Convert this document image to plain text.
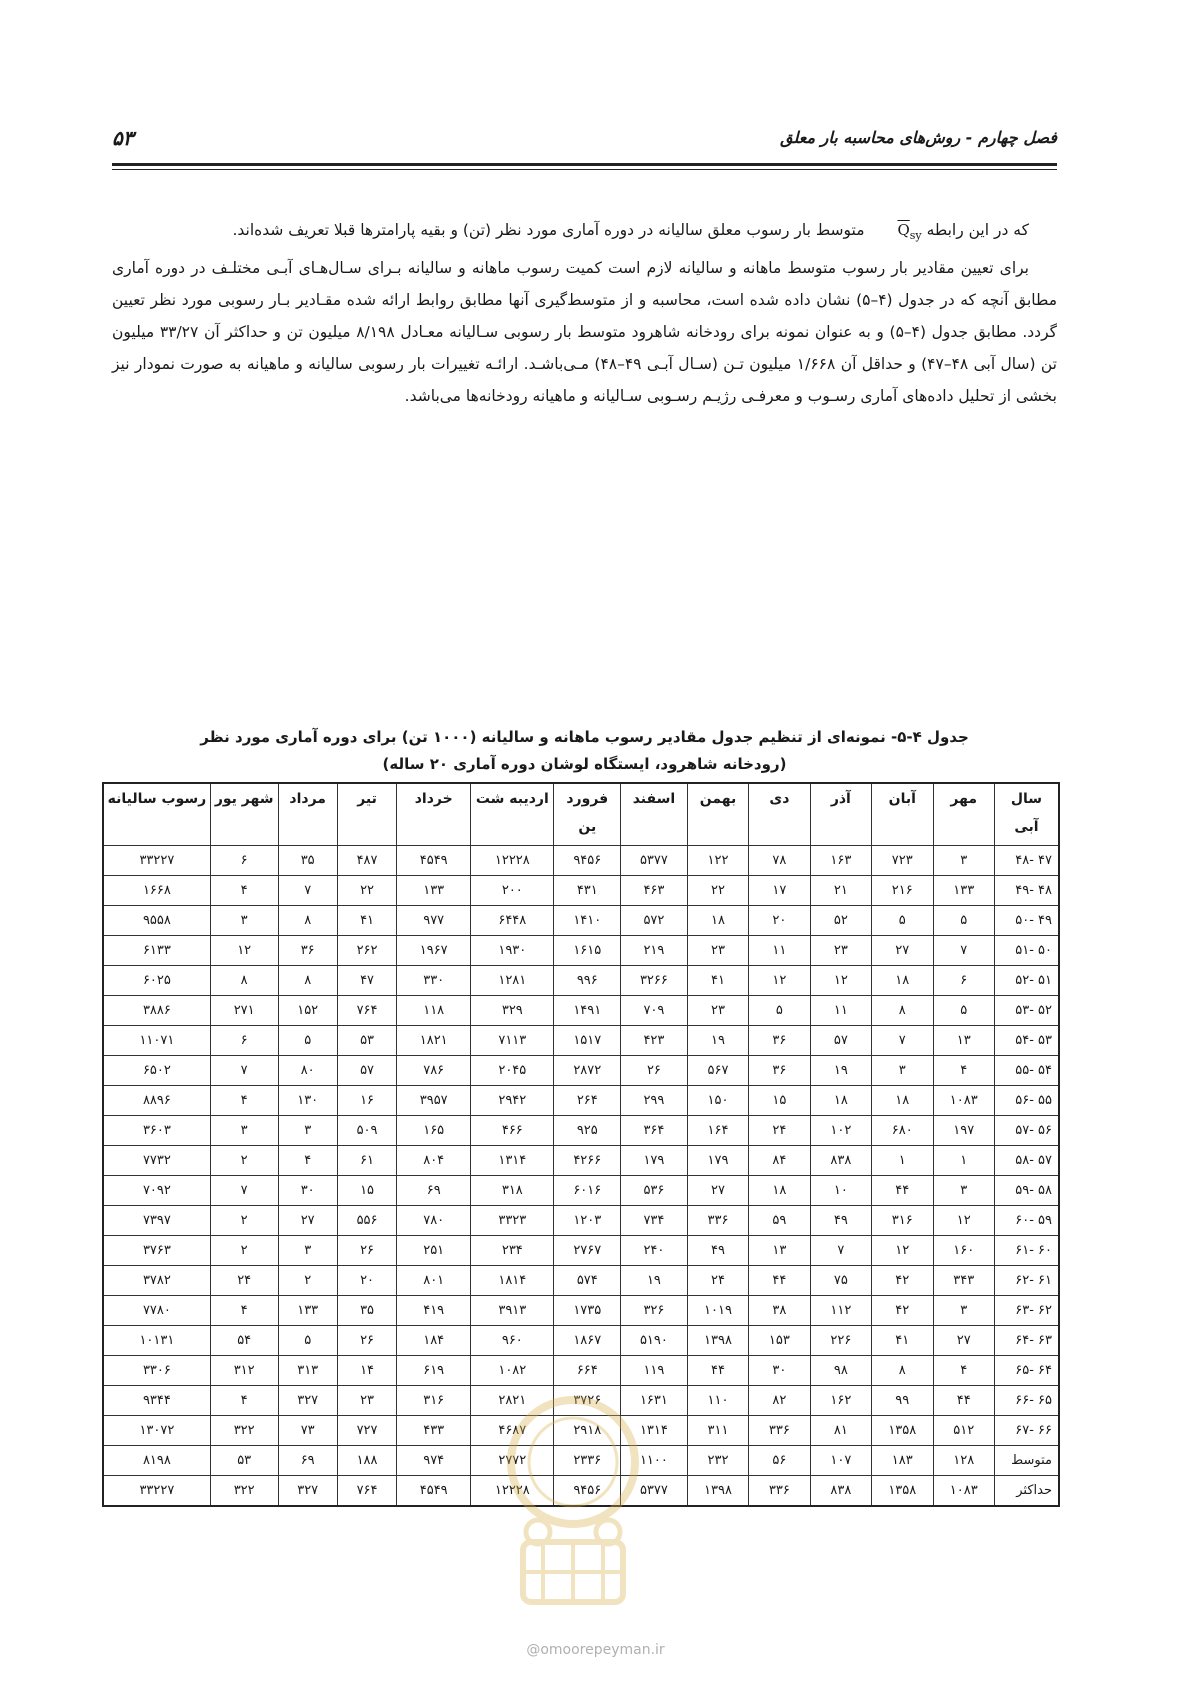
فصل چهارم - روش‌های محاسبه بار معلق
۵۳

که در این رابطه $\overline{Q}_{sy}$ متوسط بار رسوب معلق سالیانه در دوره آماری مورد نظر (تن) و بقیه پارامترها قبلا تعریف شده‌اند.

برای تعیین مقادیر بار رسوب متوسط ماهانه و سالیانه لازم است کمیت رسوب ماهانه و سالیانه بـرای سـال‌هـای آبـی مختلـف در دوره آماری مطابق آنچه که در جدول (۴–۵) نشان داده شده است، محاسبه و از متوسط‌گیری آنها مطابق روابط ارائه شده مقـادیر بـار رسوبی مورد نظر تعیین گردد. مطابق جدول (۴–۵) و به عنوان نمونه برای رودخانه شاهرود متوسط بار رسوبی سـالیانه معـادل ۸/۱۹۸ میلیون تن و حداکثر آن ۳۳/۲۷ میلیون تن (سال آبی ۴۸–۴۷) و حداقل آن ۱/۶۶۸ میلیون تـن (سـال آبـی ۴۹–۴۸) مـی‌باشـد. ارائـه تغییرات بار رسوبی سالیانه و ماهیانه به صورت نمودار نیز بخشی از تحلیل داده‌های آماری رسـوب و معرفـی رژیـم رسـوبی سـالیانه و ماهیانه رودخانه‌ها می‌باشد.

جدول ۴-۵- نمونه‌ای از تنظیم جدول مقادیر رسوب ماهانه و سالیانه (۱۰۰۰ تن) برای دوره آماری مورد نظر
(رودخانه شاهرود، ایستگاه لوشان دوره آماری ۲۰ ساله)
سال آبی	مهر	آبان	آذر	دی	بهمن	اسفند	فرورد ین	اردیبه شت	خرداد	تیر	مرداد	شهر یور	رسوب سالیانه
۴۷ -۴۸	۳	۷۲۳	۱۶۳	۷۸	۱۲۲	۵۳۷۷	۹۴۵۶	۱۲۲۲۸	۴۵۴۹	۴۸۷	۳۵	۶	۳۳۲۲۷
۴۸ -۴۹	۱۳۳	۲۱۶	۲۱	۱۷	۲۲	۴۶۳	۴۳۱	۲۰۰	۱۳۳	۲۲	۷	۴	۱۶۶۸
۴۹ -۵۰	۵	۵	۵۲	۲۰	۱۸	۵۷۲	۱۴۱۰	۶۴۴۸	۹۷۷	۴۱	۸	۳	۹۵۵۸
۵۰ -۵۱	۷	۲۷	۲۳	۱۱	۲۳	۲۱۹	۱۶۱۵	۱۹۳۰	۱۹۶۷	۲۶۲	۳۶	۱۲	۶۱۳۳
۵۱ -۵۲	۶	۱۸	۱۲	۱۲	۴۱	۳۲۶۶	۹۹۶	۱۲۸۱	۳۳۰	۴۷	۸	۸	۶۰۲۵
۵۲ -۵۳	۵	۸	۱۱	۵	۲۳	۷۰۹	۱۴۹۱	۳۲۹	۱۱۸	۷۶۴	۱۵۲	۲۷۱	۳۸۸۶
۵۳ -۵۴	۱۳	۷	۵۷	۳۶	۱۹	۴۲۳	۱۵۱۷	۷۱۱۳	۱۸۲۱	۵۳	۵	۶	۱۱۰۷۱
۵۴ -۵۵	۴	۳	۱۹	۳۶	۵۶۷	۲۶	۲۸۷۲	۲۰۴۵	۷۸۶	۵۷	۸۰	۷	۶۵۰۲
۵۵ -۵۶	۱۰۸۳	۱۸	۱۸	۱۵	۱۵۰	۲۹۹	۲۶۴	۲۹۴۲	۳۹۵۷	۱۶	۱۳۰	۴	۸۸۹۶
۵۶ -۵۷	۱۹۷	۶۸۰	۱۰۲	۲۴	۱۶۴	۳۶۴	۹۲۵	۴۶۶	۱۶۵	۵۰۹	۳	۳	۳۶۰۳
۵۷ -۵۸	۱	۱	۸۳۸	۸۴	۱۷۹	۱۷۹	۴۲۶۶	۱۳۱۴	۸۰۴	۶۱	۴	۲	۷۷۳۲
۵۸ -۵۹	۳	۴۴	۱۰	۱۸	۲۷	۵۳۶	۶۰۱۶	۳۱۸	۶۹	۱۵	۳۰	۷	۷۰۹۲
۵۹ -۶۰	۱۲	۳۱۶	۴۹	۵۹	۳۳۶	۷۳۴	۱۲۰۳	۳۳۲۳	۷۸۰	۵۵۶	۲۷	۲	۷۳۹۷
۶۰ -۶۱	۱۶۰	۱۲	۷	۱۳	۴۹	۲۴۰	۲۷۶۷	۲۳۴	۲۵۱	۲۶	۳	۲	۳۷۶۳
۶۱ -۶۲	۳۴۳	۴۲	۷۵	۴۴	۲۴	۱۹	۵۷۴	۱۸۱۴	۸۰۱	۲۰	۲	۲۴	۳۷۸۲
۶۲ -۶۳	۳	۴۲	۱۱۲	۳۸	۱۰۱۹	۳۲۶	۱۷۳۵	۳۹۱۳	۴۱۹	۳۵	۱۳۳	۴	۷۷۸۰
۶۳ -۶۴	۲۷	۴۱	۲۲۶	۱۵۳	۱۳۹۸	۵۱۹۰	۱۸۶۷	۹۶۰	۱۸۴	۲۶	۵	۵۴	۱۰۱۳۱
۶۴ -۶۵	۴	۸	۹۸	۳۰	۴۴	۱۱۹	۶۶۴	۱۰۸۲	۶۱۹	۱۴	۳۱۳	۳۱۲	۳۳۰۶
۶۵ -۶۶	۴۴	۹۹	۱۶۲	۸۲	۱۱۰	۱۶۳۱	۳۷۲۶	۲۸۲۱	۳۱۶	۲۳	۳۲۷	۴	۹۳۴۴
۶۶ -۶۷	۵۱۲	۱۳۵۸	۸۱	۳۳۶	۳۱۱	۱۳۱۴	۲۹۱۸	۴۶۸۷	۴۳۳	۷۲۷	۷۳	۳۲۲	۱۳۰۷۲
متوسط	۱۲۸	۱۸۳	۱۰۷	۵۶	۲۳۲	۱۱۰۰	۲۳۳۶	۲۷۷۲	۹۷۴	۱۸۸	۶۹	۵۳	۸۱۹۸
حداکثر	۱۰۸۳	۱۳۵۸	۸۳۸	۳۳۶	۱۳۹۸	۵۳۷۷	۹۴۵۶	۱۲۲۲۸	۴۵۴۹	۷۶۴	۳۲۷	۳۲۲	۳۳۲۲۷
@omoorepeyman.ir
